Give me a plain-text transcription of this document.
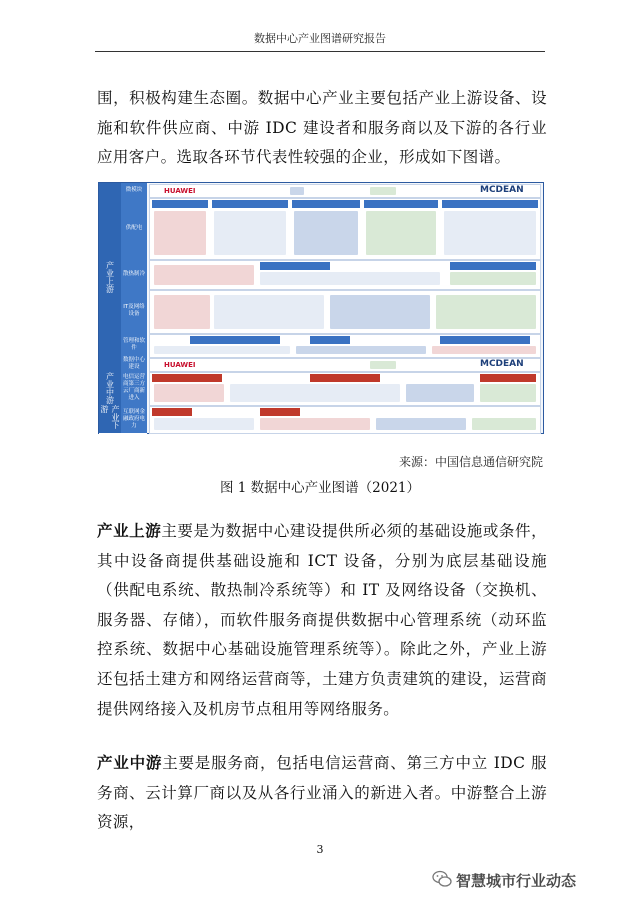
数据中心产业图谱研究报告
围，积极构建生态圈。数据中心产业主要包括产业上游设备、设施和软件供应商、中游 IDC 建设者和服务商以及下游的各行业应用客户。选取各环节代表性较强的企业，形成如下图谱。
产业上游
产业中游
产业下游
微模块
供配电
散热制冷
IT及网络设备
管理和软件
数据中心建设
电信运营商第三方云厂商新进入
互联网金融政府电力
HUAWEI	MCDEAN
HUAWEI	MCDEAN
来源：中国信息通信研究院
图 1 数据中心产业图谱（2021）
产业上游主要是为数据中心建设提供所必须的基础设施或条件，其中设备商提供基础设施和 ICT 设备，分别为底层基础设施（供配电系统、散热制冷系统等）和 IT 及网络设备（交换机、服务器、存储），而软件服务商提供数据中心管理系统（动环监控系统、数据中心基础设施管理系统等）。除此之外，产业上游还包括土建方和网络运营商等，土建方负责建筑的建设，运营商提供网络接入及机房节点租用等网络服务。
产业中游主要是服务商，包括电信运营商、第三方中立 IDC 服务商、云计算厂商以及从各行业涌入的新进入者。中游整合上游资源，
3
智慧城市行业动态
